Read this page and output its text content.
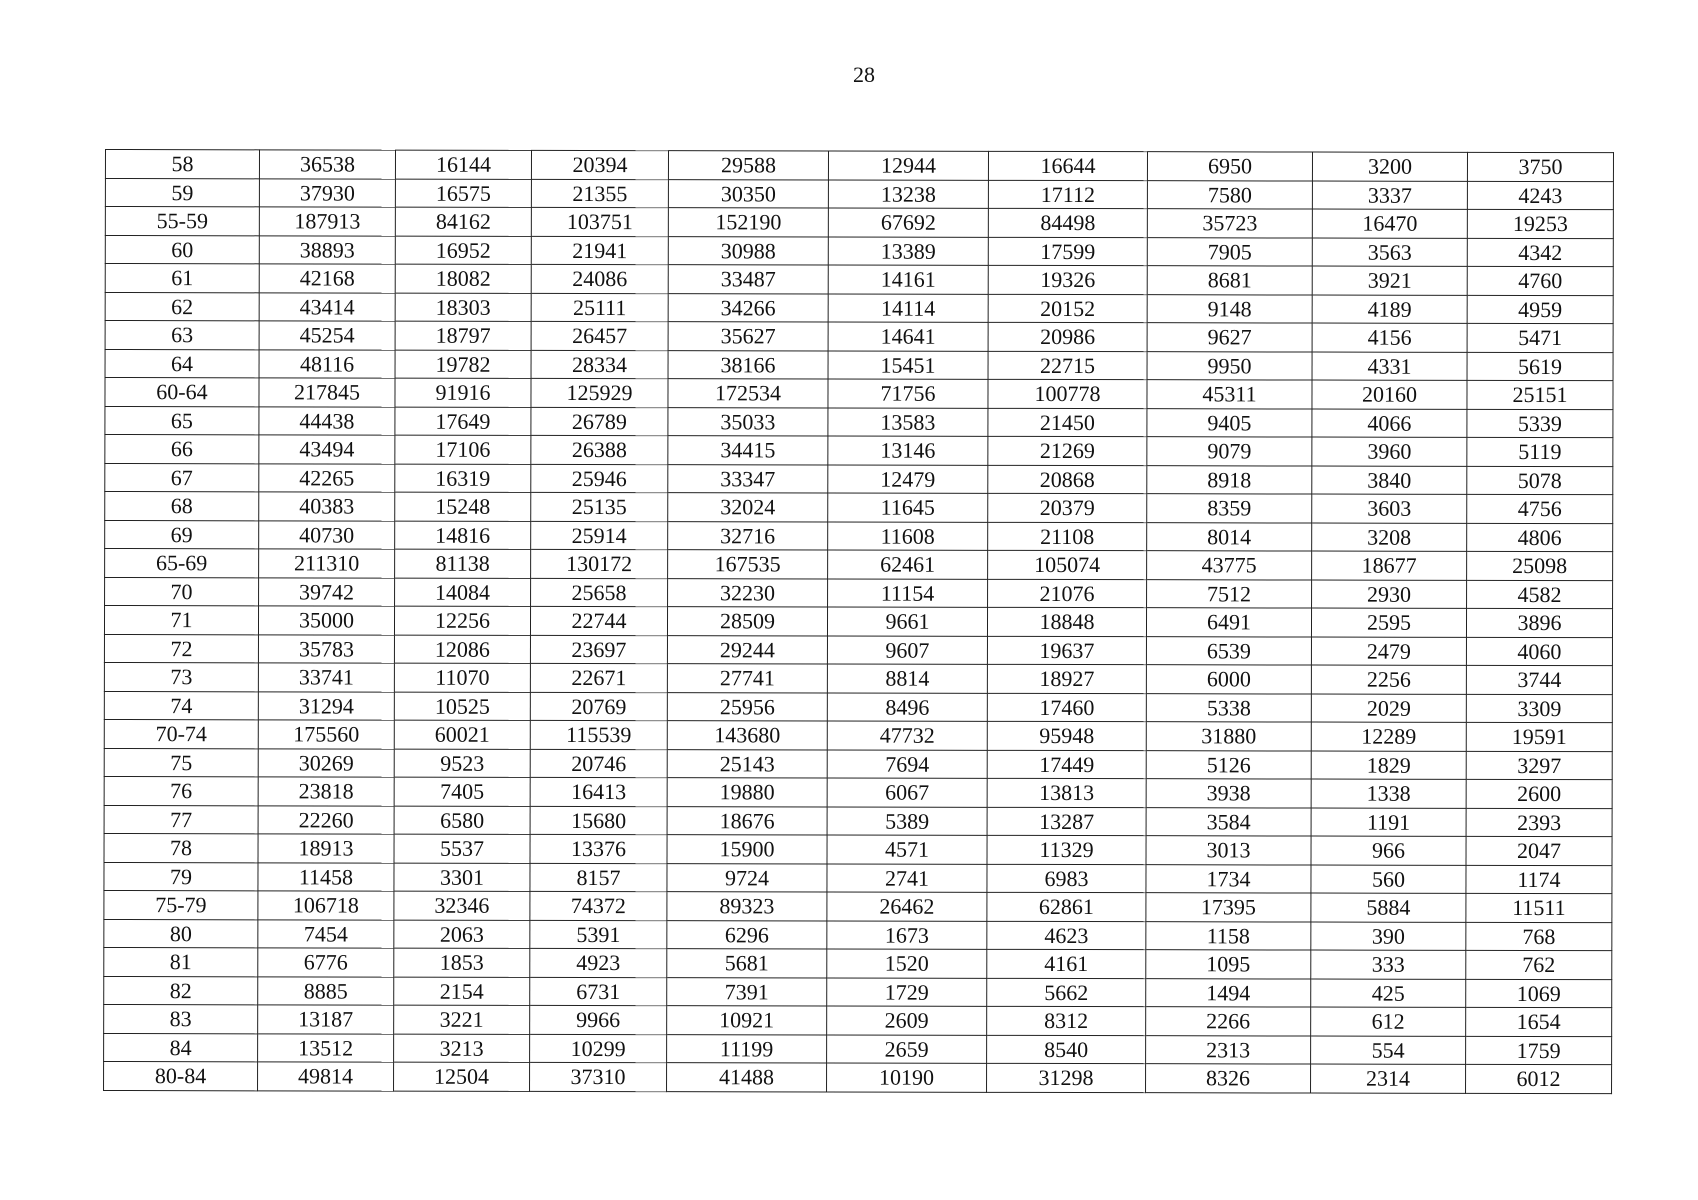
28
58	36538	16144	20394	29588	12944	16644	6950	3200	3750
59	37930	16575	21355	30350	13238	17112	7580	3337	4243
55-59	187913	84162	103751	152190	67692	84498	35723	16470	19253
60	38893	16952	21941	30988	13389	17599	7905	3563	4342
61	42168	18082	24086	33487	14161	19326	8681	3921	4760
62	43414	18303	25111	34266	14114	20152	9148	4189	4959
63	45254	18797	26457	35627	14641	20986	9627	4156	5471
64	48116	19782	28334	38166	15451	22715	9950	4331	5619
60-64	217845	91916	125929	172534	71756	100778	45311	20160	25151
65	44438	17649	26789	35033	13583	21450	9405	4066	5339
66	43494	17106	26388	34415	13146	21269	9079	3960	5119
67	42265	16319	25946	33347	12479	20868	8918	3840	5078
68	40383	15248	25135	32024	11645	20379	8359	3603	4756
69	40730	14816	25914	32716	11608	21108	8014	3208	4806
65-69	211310	81138	130172	167535	62461	105074	43775	18677	25098
70	39742	14084	25658	32230	11154	21076	7512	2930	4582
71	35000	12256	22744	28509	9661	18848	6491	2595	3896
72	35783	12086	23697	29244	9607	19637	6539	2479	4060
73	33741	11070	22671	27741	8814	18927	6000	2256	3744
74	31294	10525	20769	25956	8496	17460	5338	2029	3309
70-74	175560	60021	115539	143680	47732	95948	31880	12289	19591
75	30269	9523	20746	25143	7694	17449	5126	1829	3297
76	23818	7405	16413	19880	6067	13813	3938	1338	2600
77	22260	6580	15680	18676	5389	13287	3584	1191	2393
78	18913	5537	13376	15900	4571	11329	3013	966	2047
79	11458	3301	8157	9724	2741	6983	1734	560	1174
75-79	106718	32346	74372	89323	26462	62861	17395	5884	11511
80	7454	2063	5391	6296	1673	4623	1158	390	768
81	6776	1853	4923	5681	1520	4161	1095	333	762
82	8885	2154	6731	7391	1729	5662	1494	425	1069
83	13187	3221	9966	10921	2609	8312	2266	612	1654
84	13512	3213	10299	11199	2659	8540	2313	554	1759
80-84	49814	12504	37310	41488	10190	31298	8326	2314	6012
